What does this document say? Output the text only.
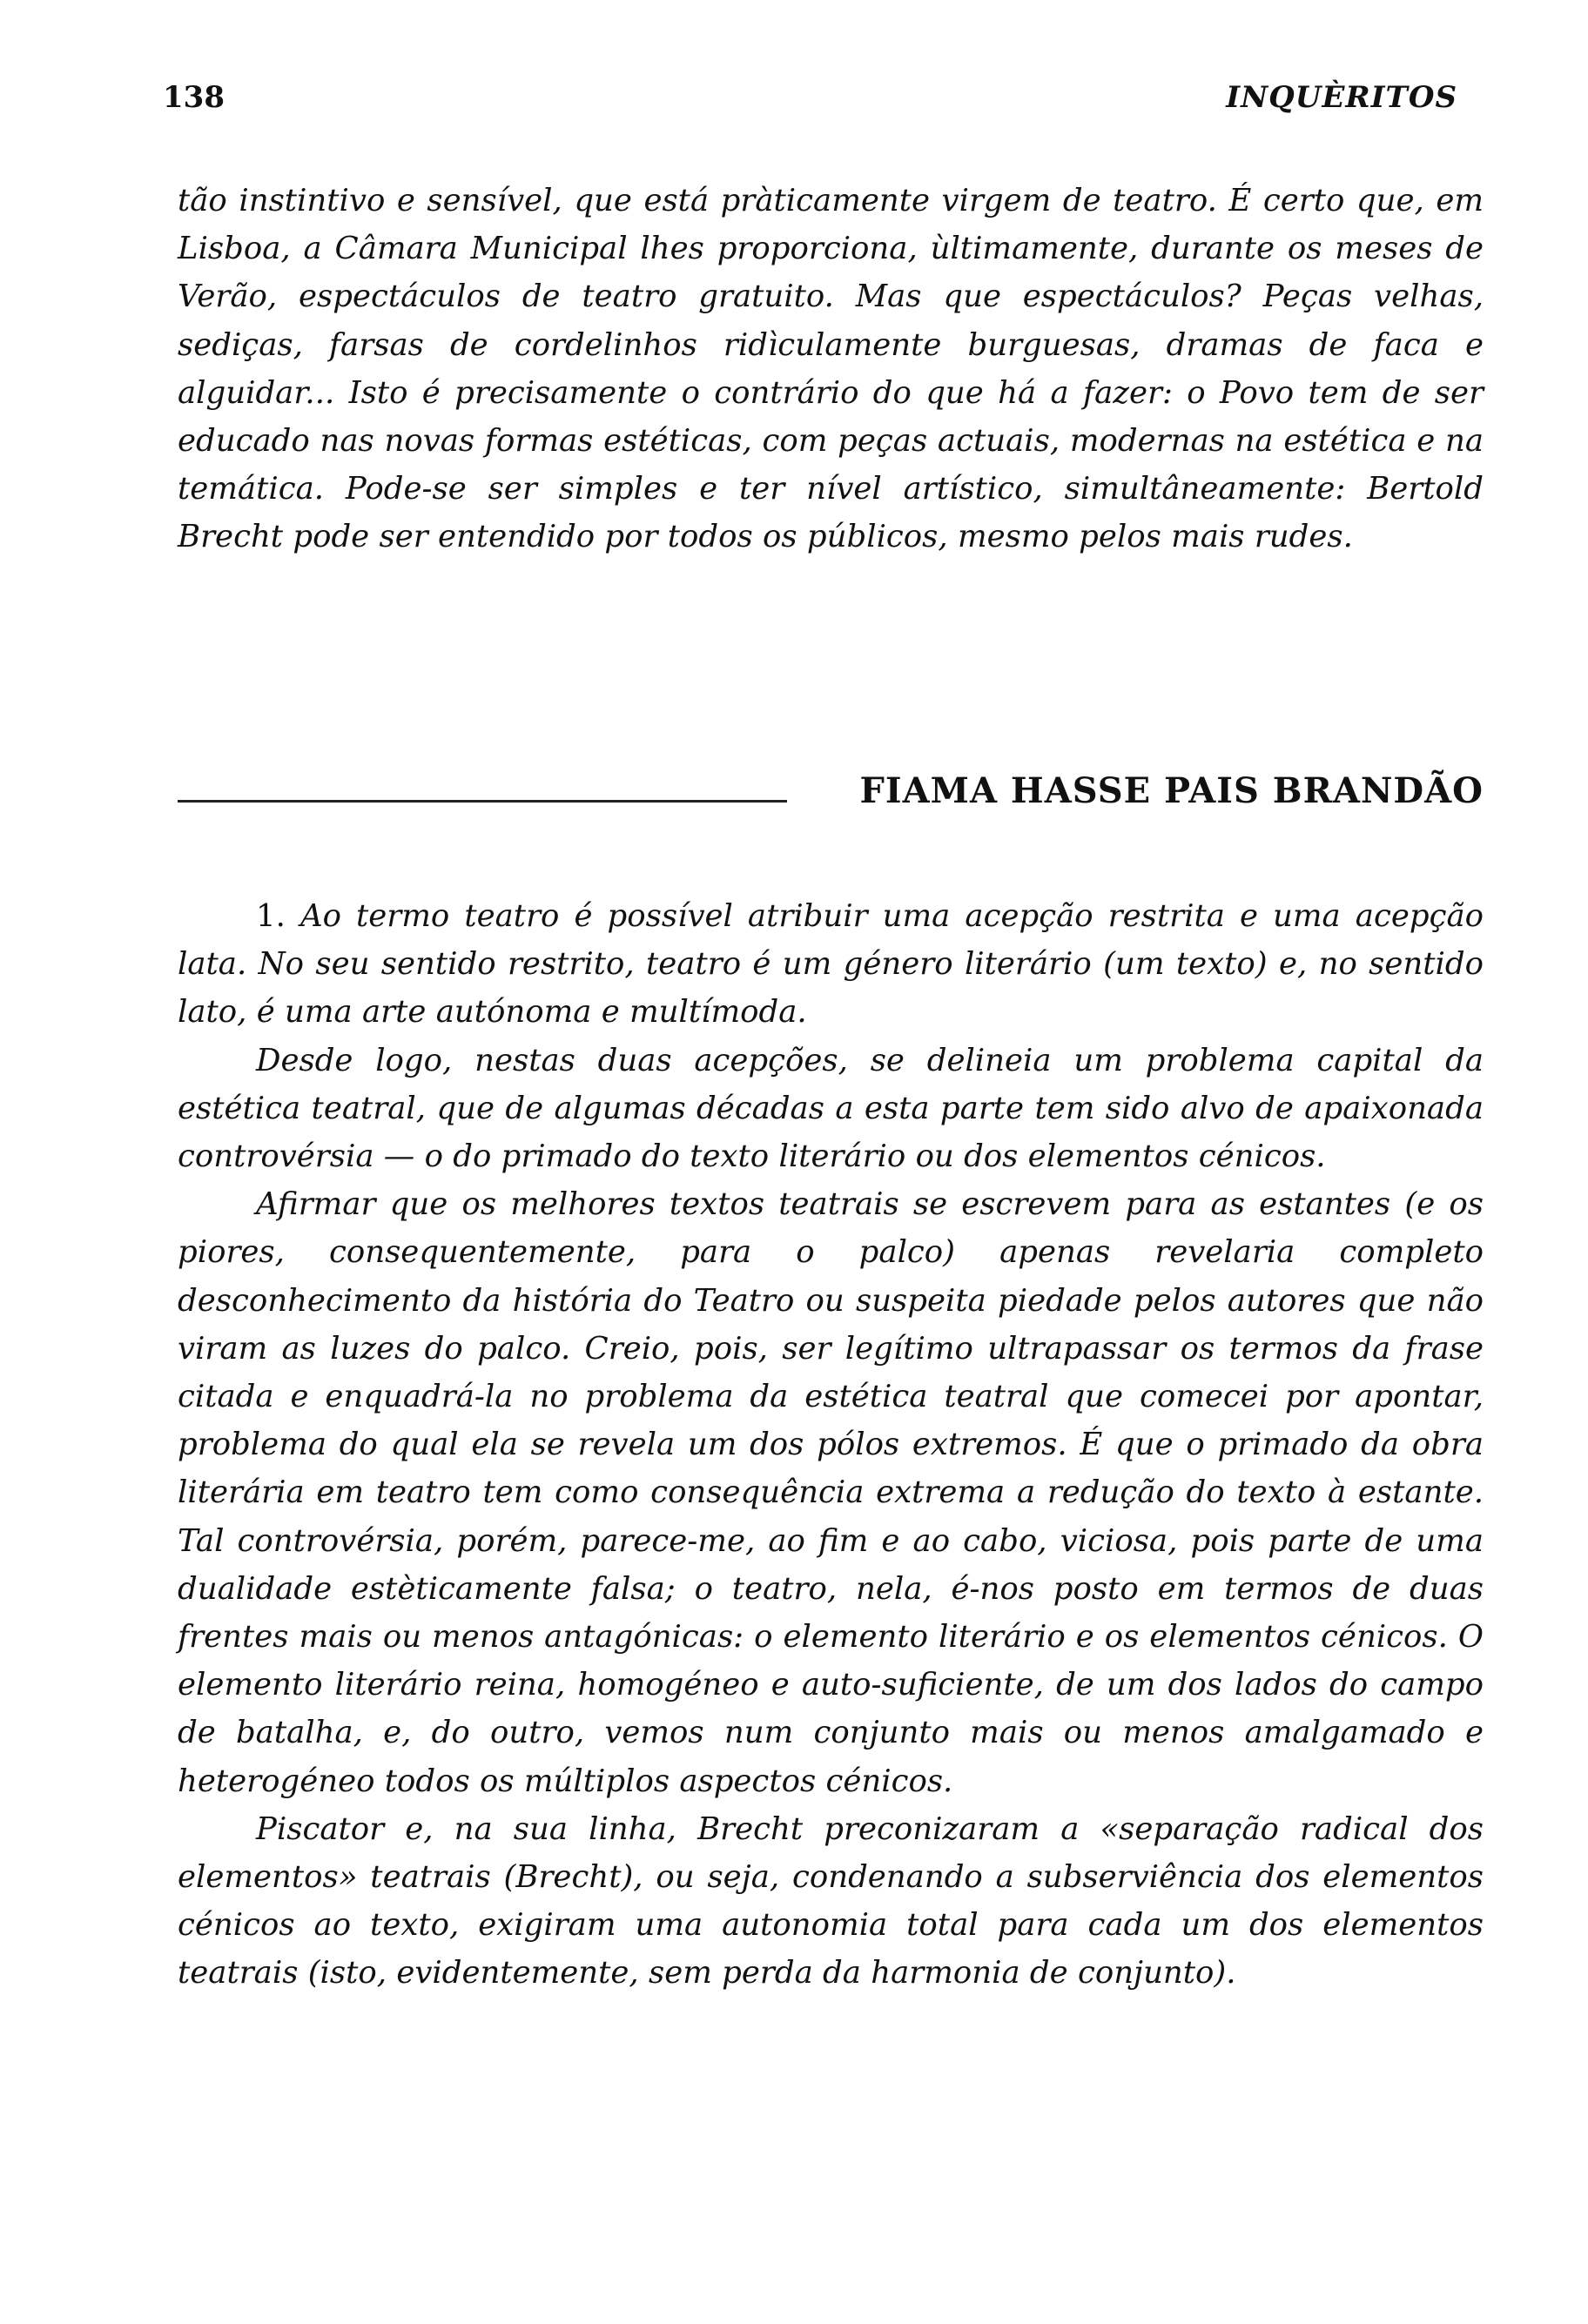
138	INQUÈRITOS

tão instintivo e sensível, que está pràticamente virgem de teatro. É certo que, em Lisboa, a Câmara Municipal lhes proporciona, ùltimamente, durante os meses de Verão, espectáculos de teatro gratuito. Mas que espectáculos? Peças velhas, sediças, farsas de cordelinhos ridìculamente burguesas, dramas de faca e alguidar... Isto é precisamente o contrário do que há a fazer: o Povo tem de ser educado nas novas formas estéticas, com peças actuais, modernas na estética e na temática. Pode-se ser simples e ter nível artístico, simultâneamente: Bertold Brecht pode ser entendido por todos os públicos, mesmo pelos mais rudes.

FIAMA HASSE PAIS BRANDÃO

1. Ao termo teatro é possível atribuir uma acepção restrita e uma acepção lata. No seu sentido restrito, teatro é um género literário (um texto) e, no sentido lato, é uma arte autónoma e multímoda.

Desde logo, nestas duas acepções, se delineia um problema capital da estética teatral, que de algumas décadas a esta parte tem sido alvo de apaixonada controvérsia — o do primado do texto literário ou dos elementos cénicos.

Afirmar que os melhores textos teatrais se escrevem para as estantes (e os piores, consequentemente, para o palco) apenas revelaria completo desconhecimento da história do Teatro ou suspeita piedade pelos autores que não viram as luzes do palco. Creio, pois, ser legítimo ultrapassar os termos da frase citada e enquadrá-la no problema da estética teatral que comecei por apontar, problema do qual ela se revela um dos pólos extremos. É que o primado da obra literária em teatro tem como consequência extrema a redução do texto à estante. Tal controvérsia, porém, parece-me, ao fim e ao cabo, viciosa, pois parte de uma dualidade estèticamente falsa; o teatro, nela, é-nos posto em termos de duas frentes mais ou menos antagónicas: o elemento literário e os elementos cénicos. O elemento literário reina, homogéneo e auto-suficiente, de um dos lados do campo de batalha, e, do outro, vemos num conjunto mais ou menos amalgamado e heterogéneo todos os múltiplos aspectos cénicos.

Piscator e, na sua linha, Brecht preconizaram a «separação radical dos elementos» teatrais (Brecht), ou seja, condenando a subserviência dos elementos cénicos ao texto, exigiram uma autonomia total para cada um dos elementos teatrais (isto, evidentemente, sem perda da harmonia de conjunto).
